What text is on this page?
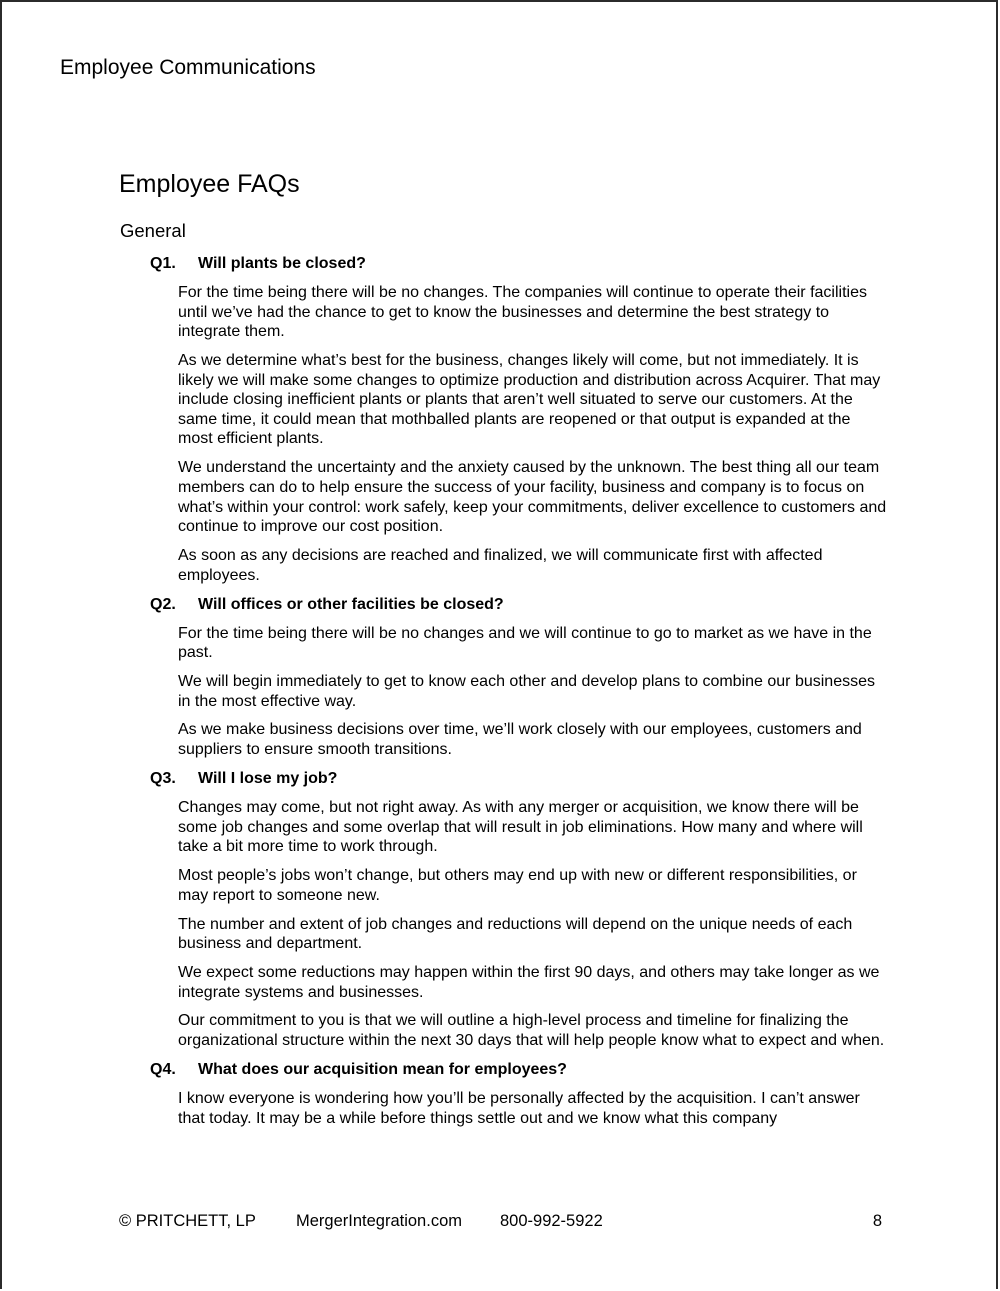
Employee Communications
Employee FAQs
General
Q1.	Will plants be closed?

For the time being there will be no changes. The companies will continue to operate their facilities until we’ve had the chance to get to know the businesses and determine the best strategy to integrate them.

As we determine what’s best for the business, changes likely will come, but not immediately. It is likely we will make some changes to optimize production and distribution across Acquirer. That may include closing inefficient plants or plants that aren’t well situated to serve our customers. At the same time, it could mean that mothballed plants are reopened or that output is expanded at the most efficient plants.

We understand the uncertainty and the anxiety caused by the unknown. The best thing all our team members can do to help ensure the success of your facility, business and company is to focus on what’s within your control: work safely, keep your commitments, deliver excellence to customers and continue to improve our cost position.

As soon as any decisions are reached and finalized, we will communicate first with affected employees.

Q2.	Will offices or other facilities be closed?

For the time being there will be no changes and we will continue to go to market as we have in the past.

We will begin immediately to get to know each other and develop plans to combine our businesses in the most effective way.

As we make business decisions over time, we’ll work closely with our employees, customers and suppliers to ensure smooth transitions.

Q3.	Will I lose my job?

Changes may come, but not right away. As with any merger or acquisition, we know there will be some job changes and some overlap that will result in job eliminations. How many and where will take a bit more time to work through.

Most people’s jobs won’t change, but others may end up with new or different responsibilities, or may report to someone new.

The number and extent of job changes and reductions will depend on the unique needs of each business and department.

We expect some reductions may happen within the first 90 days, and others may take longer as we integrate systems and businesses.

Our commitment to you is that we will outline a high-level process and timeline for finalizing the organizational structure within the next 30 days that will help people know what to expect and when.

Q4.	What does our acquisition mean for employees?

I know everyone is wondering how you’ll be personally affected by the acquisition. I can’t answer that today. It may be a while before things settle out and we know what this company

© PRITCHETT, LP MergerIntegration.com 800-992-5922	8
